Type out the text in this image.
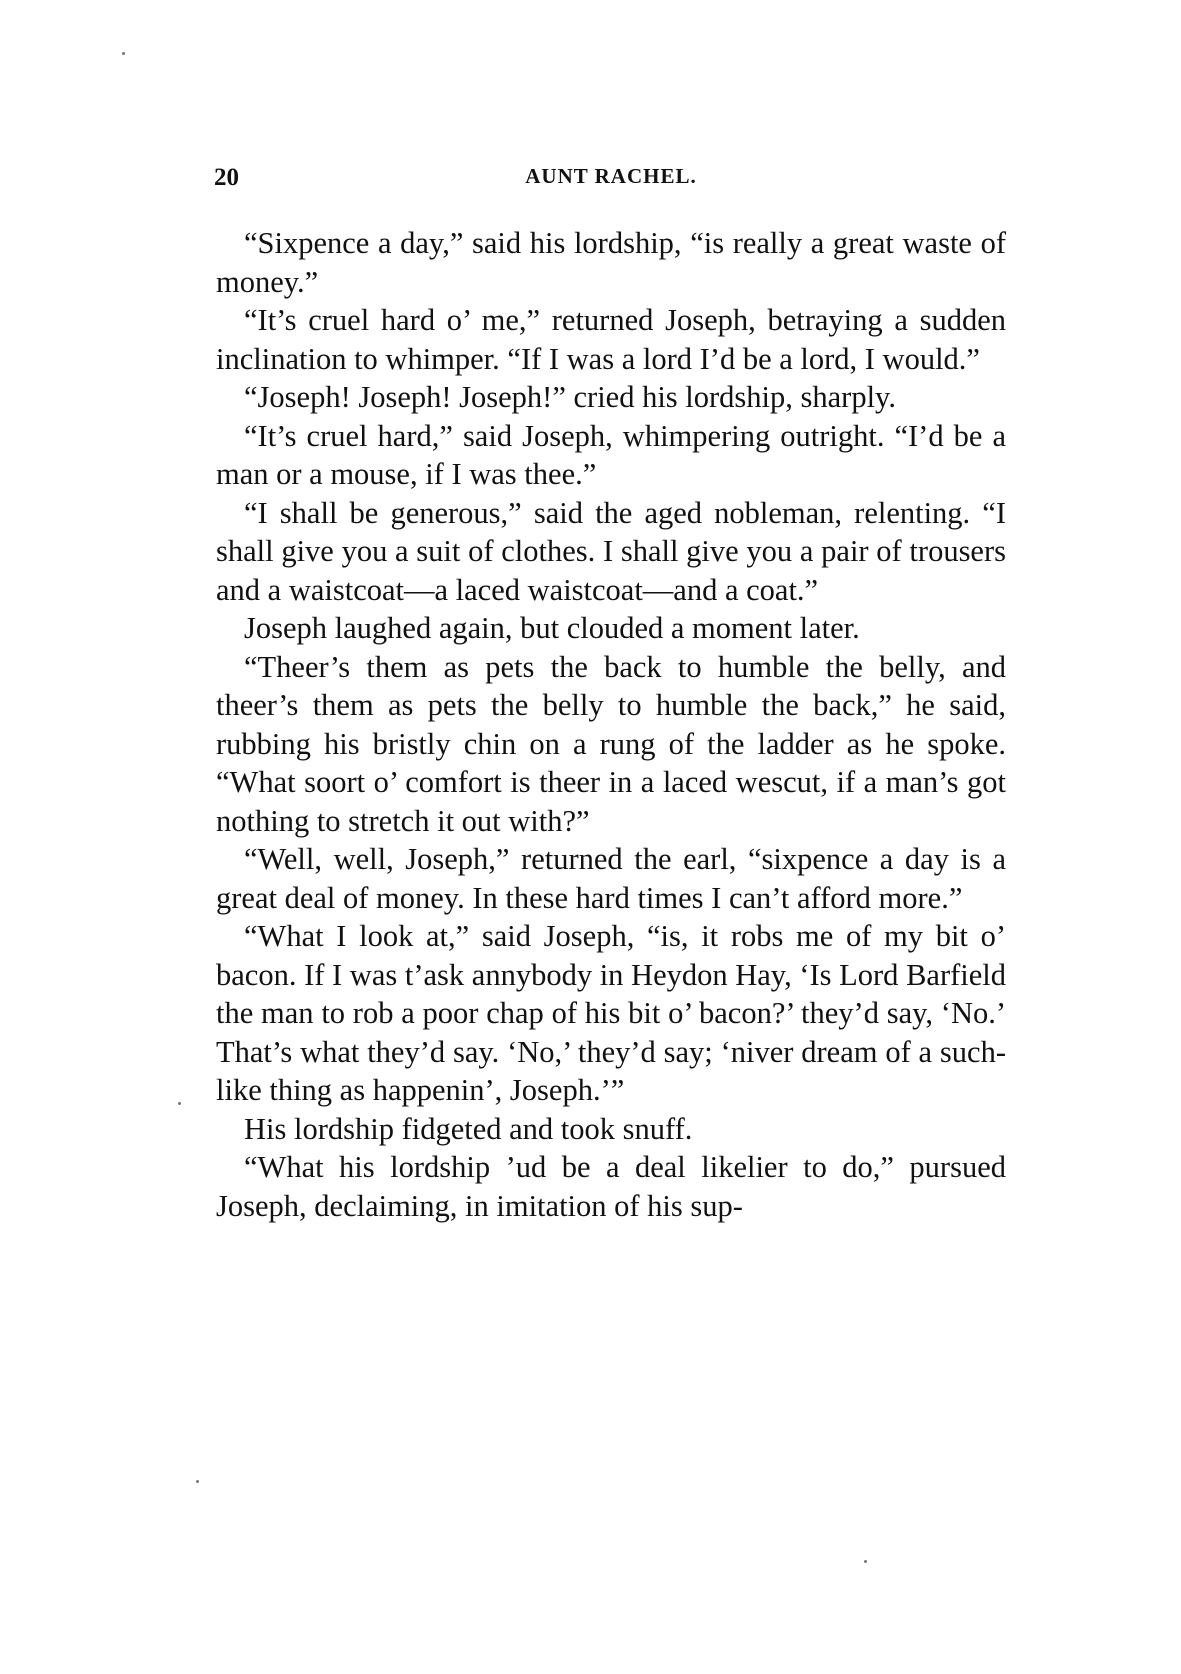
20	AUNT RACHEL.

“Sixpence a day,” said his lordship, “is really a great waste of money.”

“It’s cruel hard o’ me,” returned Joseph, betraying a sudden inclination to whimper. “If I was a lord I’d be a lord, I would.”

“Joseph! Joseph! Joseph!” cried his lordship, sharply.

“It’s cruel hard,” said Joseph, whimpering outright. “I’d be a man or a mouse, if I was thee.”

“I shall be generous,” said the aged nobleman, relenting. “I shall give you a suit of clothes. I shall give you a pair of trousers and a waistcoat—a laced waistcoat—and a coat.”

Joseph laughed again, but clouded a moment later.

“Theer’s them as pets the back to humble the belly, and theer’s them as pets the belly to humble the back,” he said, rubbing his bristly chin on a rung of the ladder as he spoke. “What soort o’ comfort is theer in a laced wescut, if a man’s got nothing to stretch it out with?”

“Well, well, Joseph,” returned the earl, “sixpence a day is a great deal of money. In these hard times I can’t afford more.”

“What I look at,” said Joseph, “is, it robs me of my bit o’ bacon. If I was t’ask annybody in Heydon Hay, ‘Is Lord Barfield the man to rob a poor chap of his bit o’ bacon?’ they’d say, ‘No.’ That’s what they’d say. ‘No,’ they’d say; ‘niver dream of a such-like thing as happenin’, Joseph.’”

His lordship fidgeted and took snuff.

“What his lordship ’ud be a deal likelier to do,” pursued Joseph, declaiming, in imitation of his sup-
